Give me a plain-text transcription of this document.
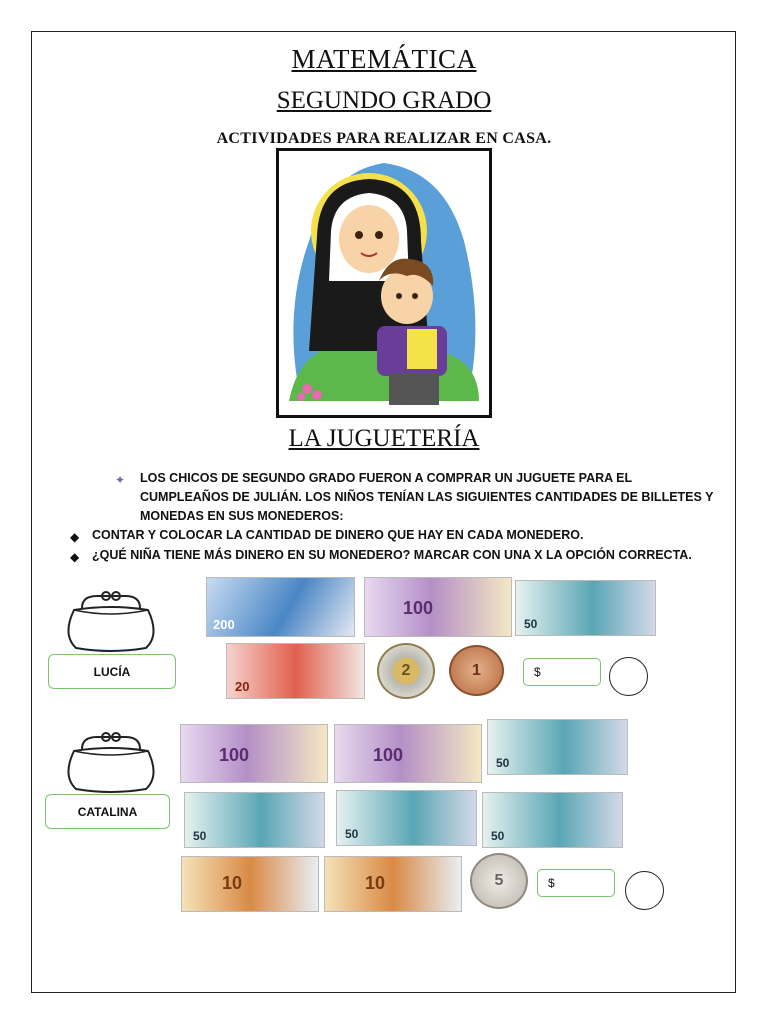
MATEMÁTICA
SEGUNDO GRADO
ACTIVIDADES PARA REALIZAR EN CASA.
LA JUGUETERÍA
✦ LOS CHICOS DE SEGUNDO GRADO FUERON A COMPRAR UN JUGUETE PARA EL
CUMPLEAÑOS DE JULIÁN. LOS NIÑOS TENÍAN LAS SIGUIENTES CANTIDADES DE BILLETES Y
MONEDAS EN SUS MONEDEROS:
◆ CONTAR Y COLOCAR LA CANTIDAD DE DINERO QUE HAY EN CADA MONEDERO.
◆ ¿QUÉ NIÑA TIENE MÁS DINERO EN SU MONEDERO? MARCAR CON UNA X LA OPCIÓN CORRECTA.
LUCÍA
200
100
50
20
2	1	$
CATALINA
100	100	50
50	50	50
10	10	5	$
